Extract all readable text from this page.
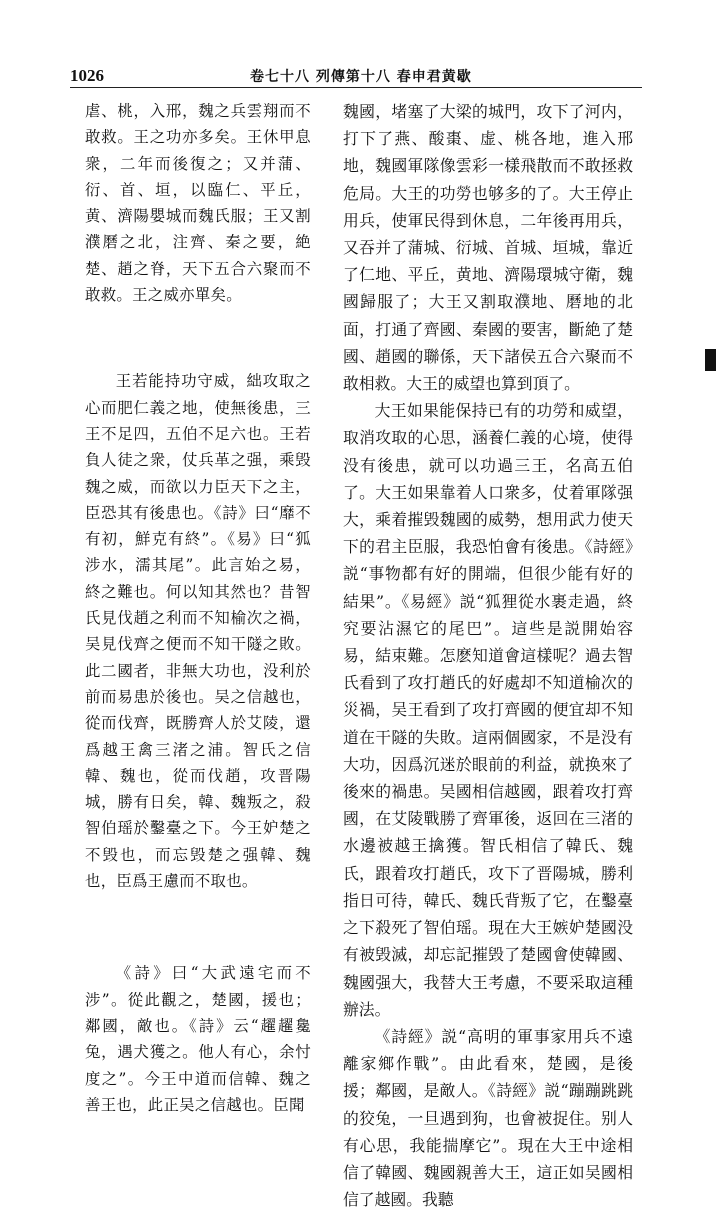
1026	卷七十八 列傳第十八 春申君黄歇

虐、桃，入邢，魏之兵雲翔而不敢救。王之功亦多矣。王休甲息衆，二年而後復之；又并蒲、衍、首、垣，以臨仁、平丘，黄、濟陽嬰城而魏氏服；王又割濮磿之北，注齊、秦之要，絶楚、趙之脊，天下五合六聚而不敢救。王之威亦單矣。

王若能持功守威，絀攻取之心而肥仁義之地，使無後患，三王不足四，五伯不足六也。王若負人徒之衆，仗兵革之强，乘毁魏之威，而欲以力臣天下之主，臣恐其有後患也。《詩》曰“靡不有初，鮮克有終”。《易》曰“狐涉水，濡其尾”。此言始之易，終之難也。何以知其然也？昔智氏見伐趙之利而不知榆次之禍，吴見伐齊之便而不知干隧之敗。此二國者，非無大功也，没利於前而易患於後也。吴之信越也，從而伐齊，既勝齊人於艾陵，還爲越王禽三渚之浦。智氏之信韓、魏也，從而伐趙，攻晋陽城，勝有日矣，韓、魏叛之，殺智伯瑶於鑿臺之下。今王妒楚之不毁也，而忘毁楚之强韓、魏也，臣爲王慮而不取也。

《詩》曰“大武遠宅而不涉”。從此觀之，楚國，援也；鄰國，敵也。《詩》云“趯趯毚兔，遇犬獲之。他人有心，余忖度之”。今王中道而信韓、魏之善王也，此正吴之信越也。臣聞

魏國，堵塞了大梁的城門，攻下了河内，打下了燕、酸棗、虚、桃各地，進入邢地，魏國軍隊像雲彩一樣飛散而不敢拯救危局。大王的功勞也够多的了。大王停止用兵，使軍民得到休息，二年後再用兵，又吞并了蒲城、衍城、首城、垣城，靠近了仁地、平丘，黄地、濟陽環城守衛，魏國歸服了；大王又割取濮地、磿地的北面，打通了齊國、秦國的要害，斷絶了楚國、趙國的聯係，天下諸侯五合六聚而不敢相救。大王的威望也算到頂了。

大王如果能保持已有的功勞和威望，取消攻取的心思，涵養仁義的心境，使得没有後患，就可以功過三王，名高五伯了。大王如果靠着人口衆多，仗着軍隊强大，乘着摧毁魏國的威勢，想用武力使天下的君主臣服，我恐怕會有後患。《詩經》説“事物都有好的開端，但很少能有好的結果”。《易經》説“狐狸從水裹走過，終究要沾濕它的尾巴”。這些是説開始容易，結束難。怎麽知道會這樣呢？過去智氏看到了攻打趙氏的好處却不知道榆次的災禍，吴王看到了攻打齊國的便宜却不知道在干隧的失敗。這兩個國家，不是没有大功，因爲沉迷於眼前的利益，就换來了後來的禍患。吴國相信越國，跟着攻打齊國，在艾陵戰勝了齊軍後，返回在三渚的水邊被越王擒獲。智氏相信了韓氏、魏氏，跟着攻打趙氏，攻下了晋陽城，勝利指日可待，韓氏、魏氏背叛了它，在鑿臺之下殺死了智伯瑶。現在大王嫉妒楚國没有被毁滅，却忘記摧毁了楚國會使韓國、魏國强大，我替大王考慮，不要采取這種辦法。

《詩經》説“高明的軍事家用兵不遠離家鄉作戰”。由此看來，楚國，是後援；鄰國，是敵人。《詩經》説“蹦蹦跳跳的狡兔，一旦遇到狗，也會被捉住。别人有心思，我能揣摩它”。現在大王中途相信了韓國、魏國親善大王，這正如吴國相信了越國。我聽
